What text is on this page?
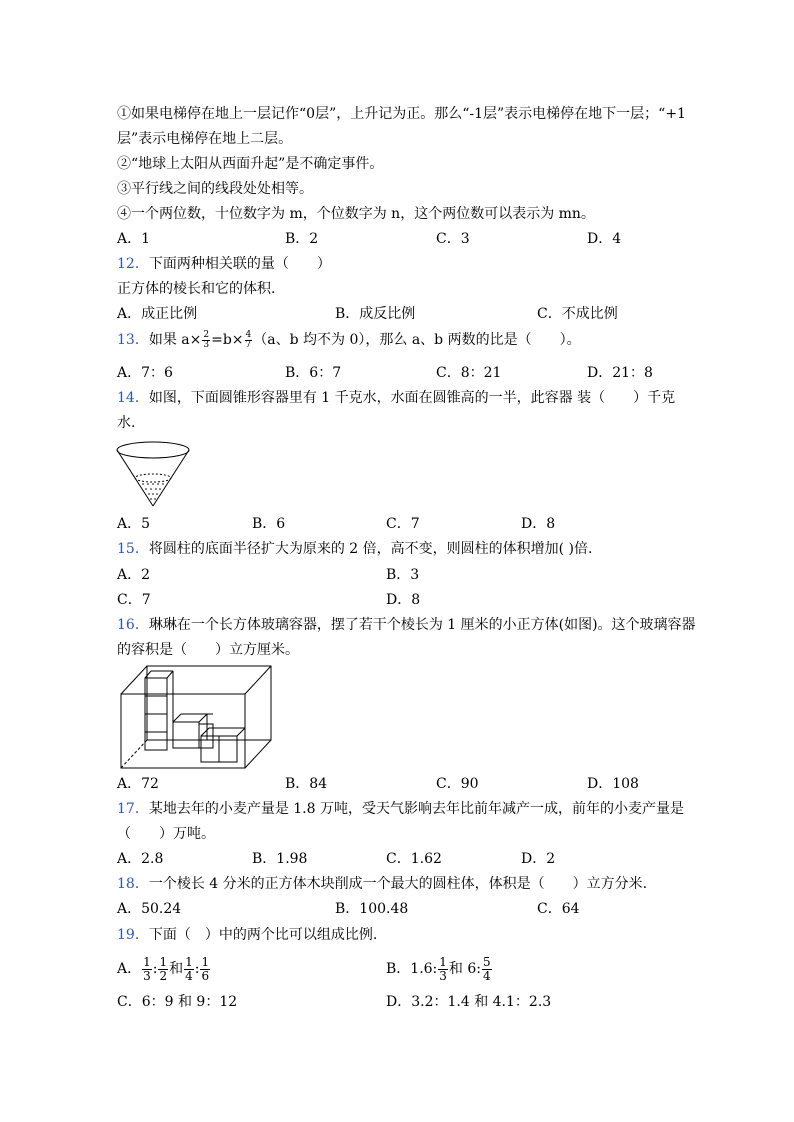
①如果电梯停在地上一层记作“0层”，上升记为正。那么“-1层”表示电梯停在地下一层；“+1
层”表示电梯停在地上二层。
②“地球上太阳从西面升起”是不确定事件。
③平行线之间的线段处处相等。
④一个两位数，十位数字为 m，个位数字为 n，这个两位数可以表示为 mn。
A．1	B．2	C．3	D．4
12．下面两种相关联的量（　　）
正方体的棱长和它的体积.
A．成正比例	B．成反比例	C．不成比例
13．如果 $a\times \frac{2}{3} =b\times \frac{4}{7} (a$、b 均不为 0），那么 a、b 两数的比是（　　）。
A．7：6	B．6：7	C．8：21	D．21：8
14．如图，下面圆锥形容器里有 1 千克水，水面在圆锥高的一半，此容器 装（　　）千克
水.
A．5	B．6	C．7	D．8
15．将圆柱的底面半径扩大为原来的 2 倍，高不变，则圆柱的体积增加( )倍.
A．2	B．3
C．7	D．8
16．琳琳在一个长方体玻璃容器，摆了若干个棱长为 1 厘米的小正方体(如图)。这个玻璃容器
的容积是（　　）立方厘米。
A．72	B．84	C．90	D．108
17．某地去年的小麦产量是 1.8 万吨，受天气影响去年比前年减产一成，前年的小麦产量是
（　　）万吨。
A．2.8	B．1.98	C．1.62	D．2
18．一个棱长 4 分米的正方体木块削成一个最大的圆柱体，体积是（　　）立方分米.
A．50.24	B．100.48	C．64
19．下面（　）中的两个比可以组成比例.
A． $\frac{1}{3}$ : $\frac{1}{2}$ 和 $\frac{1}{4}$ : $\frac{1}{6}$	B．1.6: $\frac{1}{3}$ 和 6: $\frac{5}{4}$
C．6：9 和 9：12	D．3.2：1.4 和 4.1：2.3
